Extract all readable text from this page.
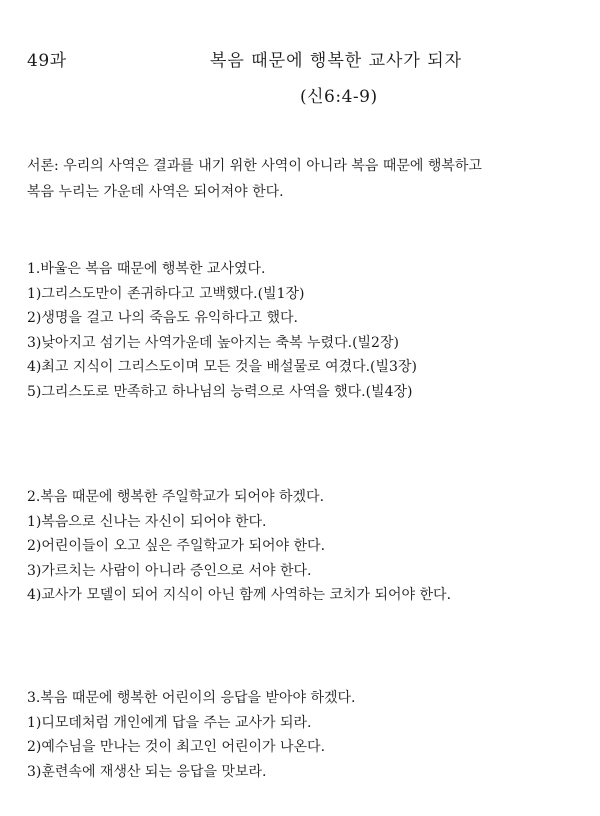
49과	복음 때문에 행복한 교사가 되자
(신6:4-9)
서론: 우리의 사역은 결과를 내기 위한 사역이 아니라 복음 때문에 행복하고
복음 누리는 가운데 사역은 되어져야 한다.
1.바울은 복음 때문에 행복한 교사였다.
1)그리스도만이 존귀하다고 고백했다.(빌1장)
2)생명을 걸고 나의 죽음도 유익하다고 했다.
3)낮아지고 섬기는 사역가운데 높아지는 축복 누렸다.(빌2장)
4)최고 지식이 그리스도이며 모든 것을 배설물로 여겼다.(빌3장)
5)그리스도로 만족하고 하나님의 능력으로 사역을 했다.(빌4장)
2.복음 때문에 행복한 주일학교가 되어야 하겠다.
1)복음으로 신나는 자신이 되어야 한다.
2)어린이들이 오고 싶은 주일학교가 되어야 한다.
3)가르치는 사람이 아니라 증인으로 서야 한다.
4)교사가 모델이 되어 지식이 아닌 함께 사역하는 코치가 되어야 한다.
3.복음 때문에 행복한 어린이의 응답을 받아야 하겠다.
1)디모데처럼 개인에게 답을 주는 교사가 되라.
2)예수님을 만나는 것이 최고인 어린이가 나온다.
3)훈련속에 재생산 되는 응답을 맛보라.
